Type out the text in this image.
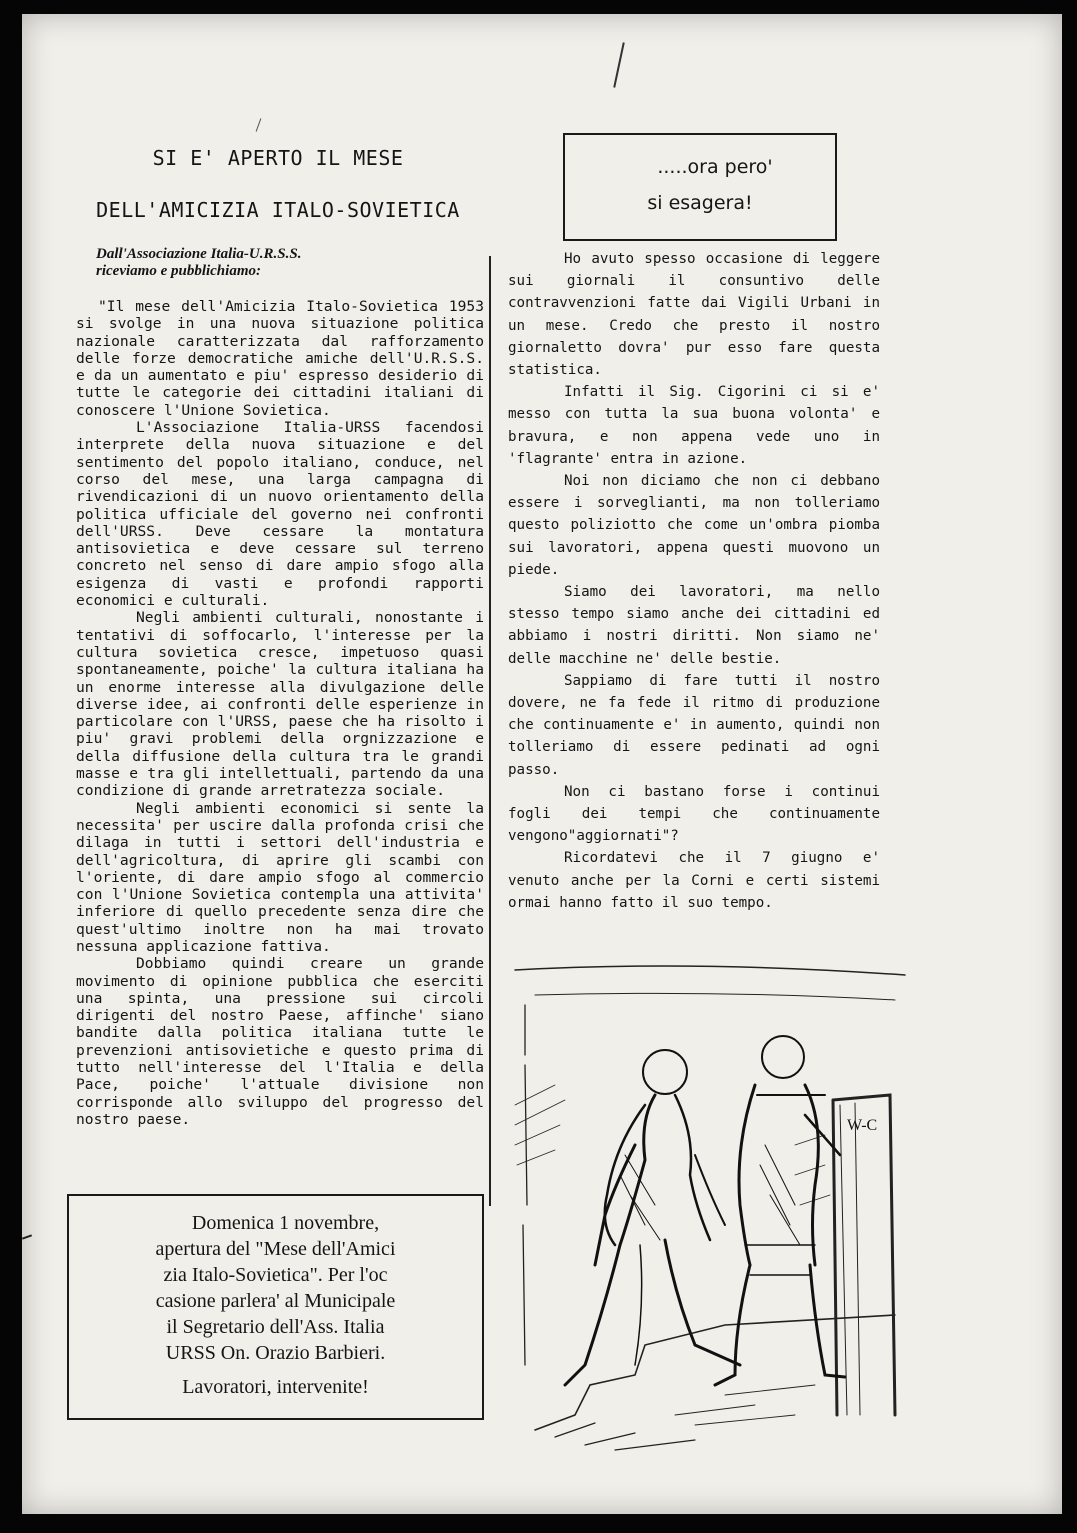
SI E' APERTO IL MESE
DELL'AMICIZIA ITALO-SOVIETICA
.....ora pero'
si esagera!
Dall'Associazione Italia-U.R.S.S.
riceviamo e pubblichiamo:

"Il mese dell'Amicizia Italo-Sovietica 1953 si svolge in una nuova situazione politica nazionale caratterizzata dal rafforzamento delle forze democratiche amiche dell'U.R.S.S. e da un aumentato e piu' espresso desiderio di tutte le categorie dei cittadini italiani di conoscere l'Unione Sovietica.

L'Associazione Italia-URSS facendosi interprete della nuova situazione e del sentimento del popolo italiano, conduce, nel corso del mese, una larga campagna di rivendicazioni di un nuovo orientamento della politica ufficiale del governo nei confronti dell'URSS. Deve cessare la montatura antisovietica e deve cessare sul terreno concreto nel senso di dare ampio sfogo alla esigenza di vasti e profondi rapporti economici e culturali.

Negli ambienti culturali, nonostante i tentativi di soffocarlo, l'interesse per la cultura sovietica cresce, impetuoso quasi spontaneamente, poiche' la cultura italiana ha un enorme interesse alla divulgazione delle diverse idee, ai confronti delle esperienze in particolare con l'URSS, paese che ha risolto i piu' gravi problemi della orgnizzazione e della diffusione della cultura tra le grandi masse e tra gli intellettuali, partendo da una condizione di grande arretratezza sociale.

Negli ambienti economici si sente la necessita' per uscire dalla profonda crisi che dilaga in tutti i settori dell'industria e dell'agricoltura, di aprire gli scambi con l'oriente, di dare ampio sfogo al commercio con l'Unione Sovietica contempla una attivita' inferiore di quello precedente senza dire che quest'ultimo inoltre non ha mai trovato nessuna applicazione fattiva.

Dobbiamo quindi creare un grande movimento di opinione pubblica che eserciti una spinta, una pressione sui circoli dirigenti del nostro Paese, affinche' siano bandite dalla politica italiana tutte le prevenzioni antisovietiche e questo prima di tutto nell'interesse del l'Italia e della Pace, poiche' l'attuale divisione non corrisponde allo sviluppo del progresso del nostro paese.

Ho avuto spesso occasione di leggere sui giornali il consuntivo delle contravvenzioni fatte dai Vigili Urbani in un mese. Credo che presto il nostro giornaletto dovra' pur esso fare questa statistica.

Infatti il Sig. Cigorini ci si e' messo con tutta la sua buona volonta' e bravura, e non appena vede uno in 'flagrante' entra in azione.

Noi non diciamo che non ci debbano essere i sorveglianti, ma non tolleriamo questo poliziotto che come un'ombra piomba sui lavoratori, appena questi muovono un piede.

Siamo dei lavoratori, ma nello stesso tempo siamo anche dei cittadini ed abbiamo i nostri diritti. Non siamo ne' delle macchine ne' delle bestie.

Sappiamo di fare tutti il nostro dovere, ne fa fede il ritmo di produzione che continuamente e' in aumento, quindi non tolleriamo di essere pedinati ad ogni passo.

Non ci bastano forse i continui fogli dei tempi che continuamente vengono"aggiornati"?

Ricordatevi che il 7 giugno e' venuto anche per la Corni e certi sistemi ormai hanno fatto il suo tempo.

Domenica 1 novembre,
apertura del "Mese dell'Amici
zia Italo-Sovietica". Per l'oc
casione parlera' al Municipale
il Segretario dell'Ass. Italia
URSS On. Orazio Barbieri.
Lavoratori, intervenite!
W-C
